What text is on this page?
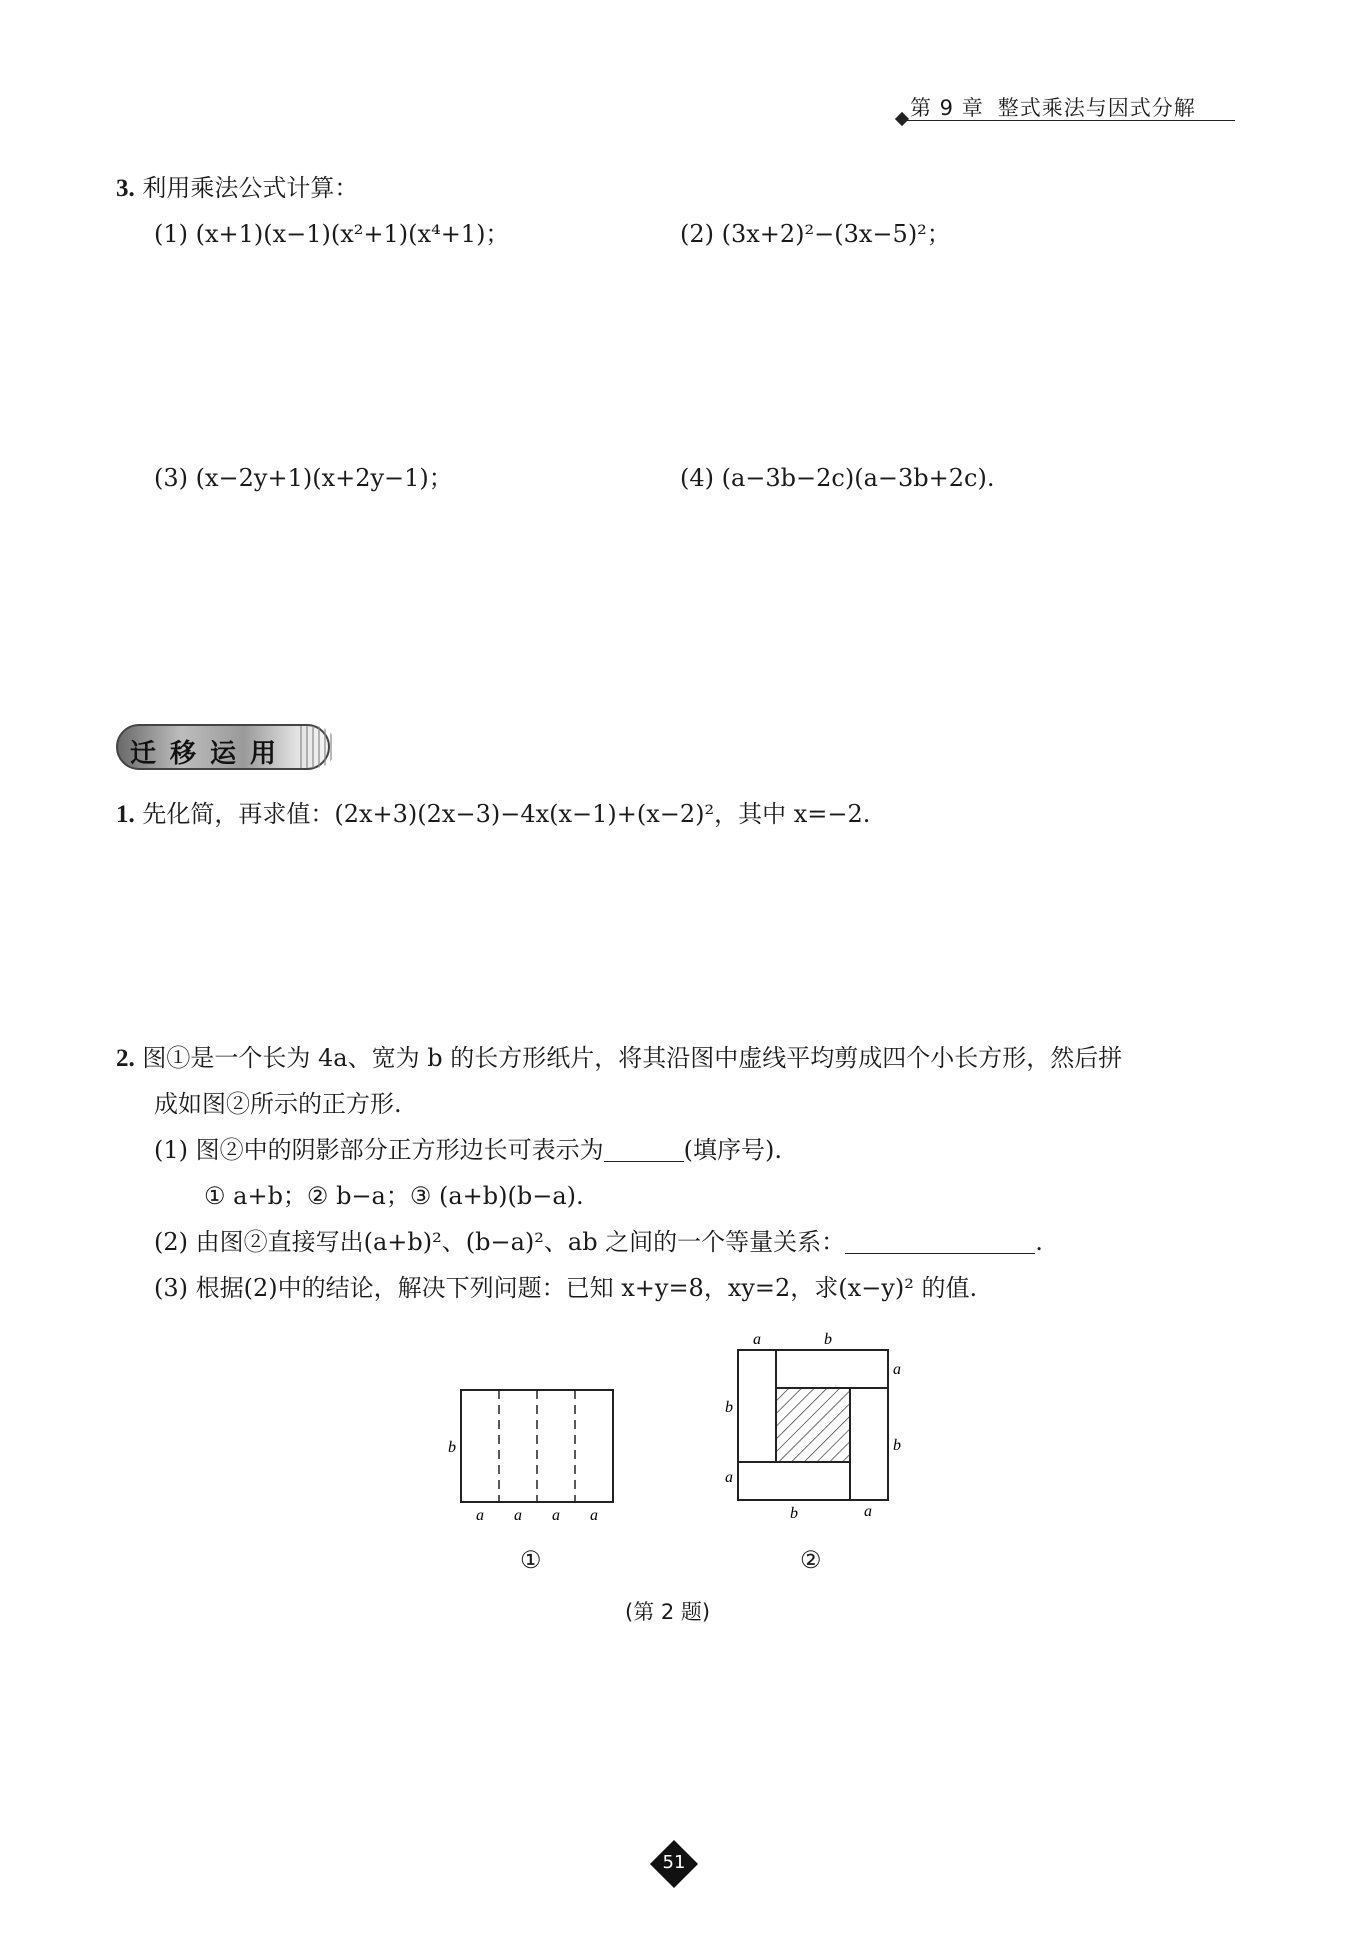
第 9 章 整式乘法与因式分解
3. 利用乘法公式计算：
(1) (x+1)(x−1)(x²+1)(x⁴+1)；	(2) (3x+2)²−(3x−5)²；
(3) (x−2y+1)(x+2y−1)；	(4) (a−3b−2c)(a−3b+2c).
迁移运用
1. 先化简，再求值：(2x+3)(2x−3)−4x(x−1)+(x−2)²，其中 x=−2.
2. 图①是一个长为 4a、宽为 b 的长方形纸片，将其沿图中虚线平均剪成四个小长方形，然后拼
成如图②所示的正方形.
(1) 图②中的阴影部分正方形边长可表示为	(填序号).
① a+b；② b−a；③ (a+b)(b−a).
(2) 由图②直接写出(a+b)²、(b−a)²、ab 之间的一个等量关系：	.
(3) 根据(2)中的结论，解决下列问题：已知 x+y=8，xy=2，求(x−y)² 的值.
b
a a a a
a	b
a
b
b
a
b	a
①	②
(第 2 题)
51
